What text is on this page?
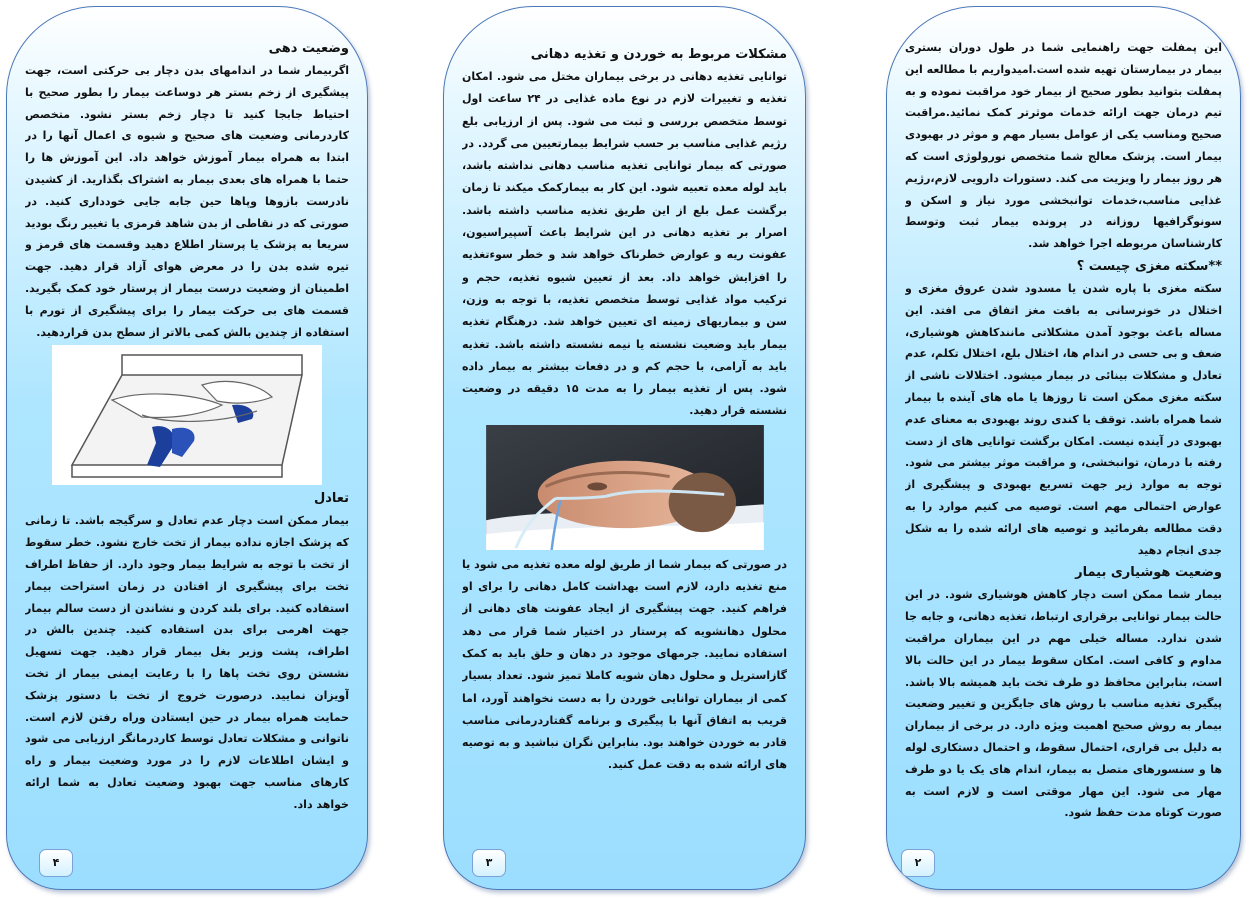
این پمفلت جهت راهنمایی شما در طول دوران بستری بیمار در بیمارستان تهیه شده است.امیدواریم با مطالعه این پمفلت بتوانید بطور صحیح از بیمار خود مراقبت نموده و به تیم درمان جهت ارائه خدمات موثرتر کمک نمائید.مراقبت صحیح ومناسب یکی از عوامل بسیار مهم و موثر در بهبودی بیمار است. پزشک معالج شما متخصص نورولوژی است که هر روز بیمار را ویزیت می کند. دستورات دارویی لازم،رژیم غذایی مناسب،خدمات توانبخشی مورد نیاز و اسکن و سونوگرافیها روزانه در پرونده بیمار ثبت وتوسط کارشناسان مربوطه اجرا خواهد شد.

**سکته مغزی چیست ؟

سکته مغزی با پاره شدن یا مسدود شدن عروق مغزی و اختلال در خونرسانی به بافت مغز اتفاق می افتد. این مساله باعث بوجود آمدن مشکلاتی مانندکاهش هوشیاری، ضعف و بی حسی در اندام ها، اختلال بلع، اختلال تکلم، عدم تعادل و مشکلات بینائی در بیمار میشود. اختلالات ناشی از سکته مغزی ممکن است تا روزها یا ماه های آینده با بیمار شما همراه باشد. توقف یا کندی روند بهبودی به معنای عدم بهبودی در آینده نیست. امکان برگشت توانایی های از دست رفته با درمان، توانبخشی، و مراقبت موثر بیشتر می شود. توجه به موارد زیر جهت تسریع بهبودی و پیشگیری از عوارض احتمالی مهم است. توصیه می کنیم موارد را به دقت مطالعه بفرمائید و توصیه های ارائه شده را به شکل جدی انجام دهید

وضعیت هوشیاری بیمار

بیمار شما ممکن است دچار کاهش هوشیاری شود. در این حالت بیمار توانایی برقراری ارتباط، تغذیه دهانی، و جابه جا شدن ندارد. مساله خیلی مهم در این بیماران مراقبت مداوم و کافی است. امکان سقوط بیمار در این حالت بالا است، بنابراین محافظ دو طرف تخت باید همیشه بالا باشد. پیگیری تغذیه مناسب با روش های جایگزین و تغییر وضعیت بیمار به روش صحیح اهمیت ویژه دارد. در برخی از بیماران به دلیل بی قراری، احتمال سقوط، و احتمال دستکاری لوله ها و سنسورهای متصل به بیمار، اندام های یک یا دو طرف مهار می شود. این مهار موقتی است و لازم است به صورت کوتاه مدت حفظ شود.

۲
مشکلات مربوط به خوردن و تغذیه دهانی

توانایی تغذیه دهانی در برخی بیماران مختل می شود. امکان تغذیه و تغییرات لازم در نوع ماده غذایی در ۲۴ ساعت اول توسط متخصص بررسی و ثبت می شود. پس از ارزیابی بلع رژیم غذایی مناسب بر حسب شرایط بیمارتعیین می گردد. در صورتی که بیمار توانایی تغذیه مناسب دهانی نداشته باشد، باید لوله معده تعبیه شود. این کار به بیمارکمک میکند تا زمان برگشت عمل بلع از این طریق تغذیه مناسب داشته باشد. اصرار بر تغذیه دهانی در این شرایط باعث آسپیراسیون، عفونت ریه و عوارض خطرناک خواهد شد و خطر سوءتغذیه را افزایش خواهد داد. بعد از تعیین شیوه تغذیه، حجم و ترکیب مواد غذایی توسط متخصص تغذیه، با توجه به وزن، سن و بیماریهای زمینه ای تعیین خواهد شد. درهنگام تغذیه بیمار باید وضعیت نشسته یا نیمه نشسته داشته باشد. تغذیه باید به آرامی، با حجم کم و در دفعات بیشتر به بیمار داده شود. پس از تغذیه بیمار را به مدت ۱۵ دقیقه در وضعیت نشسته قرار دهید.

در صورتی که بیمار شما از طریق لوله معده تغذیه می شود یا منع تغذیه دارد، لازم است بهداشت کامل دهانی را برای او فراهم کنید. جهت پیشگیری از ایجاد عفونت های دهانی از محلول دهانشویه که پرستار در اختیار شما قرار می دهد استفاده نمایید. جرمهای موجود در دهان و حلق باید به کمک گازاستریل و محلول دهان شویه کاملا تمیز شود. تعداد بسیار کمی از بیماران توانایی خوردن را به دست نخواهند آورد، اما قریب به اتفاق آنها با پیگیری و برنامه گفتاردرمانی مناسب قادر به خوردن خواهند بود. بنابراین نگران نباشید و به توصیه های ارائه شده به دقت عمل کنید.

۳
وضعیت دهی

اگربیمار شما در اندامهای بدن دچار بی حرکتی است، جهت پیشگیری از زخم بستر هر دوساعت بیمار را بطور صحیح با احتیاط جابجا کنید تا دچار زخم بستر نشود. متخصص کاردرمانی وضعیت های صحیح و شیوه ی اعمال آنها را در ابتدا به همراه بیمار آموزش خواهد داد. این آموزش ها را حتما با همراه های بعدی بیمار به اشتراک بگذارید. از کشیدن نادرست بازوها وپاها حین جابه جایی خودداری کنید. در صورتی که در نقاطی از بدن شاهد قرمزی یا تغییر رنگ بودید سریعا به پزشک یا پرستار اطلاع دهید وقسمت های قرمز و تیره شده بدن را در معرض هوای آزاد قرار دهید. جهت اطمینان از وضعیت درست بیمار از پرستار خود کمک بگیرید. قسمت های بی حرکت بیمار را برای پیشگیری از تورم با استفاده از چندین بالش کمی بالاتر از سطح بدن قراردهید.

تعادل

بیمار ممکن است دچار عدم تعادل و سرگیجه باشد. تا زمانی که پزشک اجازه نداده بیمار از تخت خارج نشود. خطر سقوط از تخت با توجه به شرایط بیمار وجود دارد. از حفاظ اطراف تخت برای پیشگیری از افتادن در زمان استراحت بیمار استفاده کنید. برای بلند کردن و نشاندن از دست سالم بیمار جهت اهرمی برای بدن استفاده کنید. چندین بالش در اطراف، پشت وزیر بغل بیمار قرار دهید. جهت تسهیل نشستن روی تخت پاها را با رعایت ایمنی بیمار از تخت آویزان نمایید. درصورت خروج از تخت با دستور پزشک حمایت همراه بیمار در حین ایستادن وراه رفتن لازم است. ناتوانی و مشکلات تعادل توسط کاردرمانگر ارزیابی می شود و ایشان اطلاعات لازم را در مورد وضعیت بیمار و راه کارهای مناسب جهت بهبود وضعیت تعادل به شما ارائه خواهد داد.

۴
